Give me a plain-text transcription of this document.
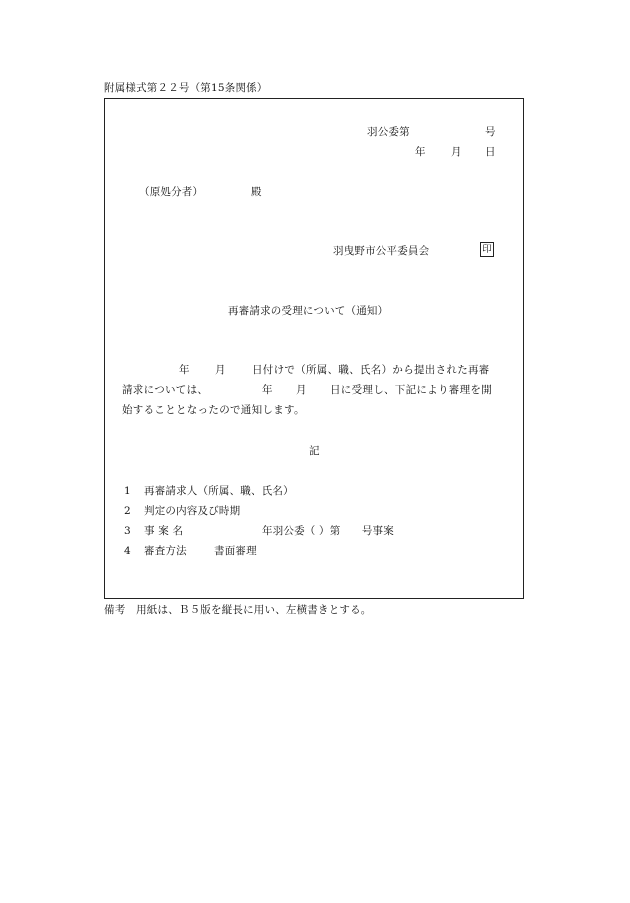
附属様式第２２号（第15条関係）
羽公委第	号
年 月 日
（原処分者）	殿
羽曳野市公平委員会	印
再審請求の受理について（通知）
年 月 日付けで（所属、職、氏名）から提出された再審
請求については、	年 月 日に受理し、下記により審理を開
始することとなったので通知します。
記
1 再審請求人（所属、職、氏名）
2 判定の内容及び時期
3 事 案 名	年羽公委（ ）第　　号事案
4 審査方法	書面審理
備考　用紙は、Ｂ５版を縦長に用い、左横書きとする。
